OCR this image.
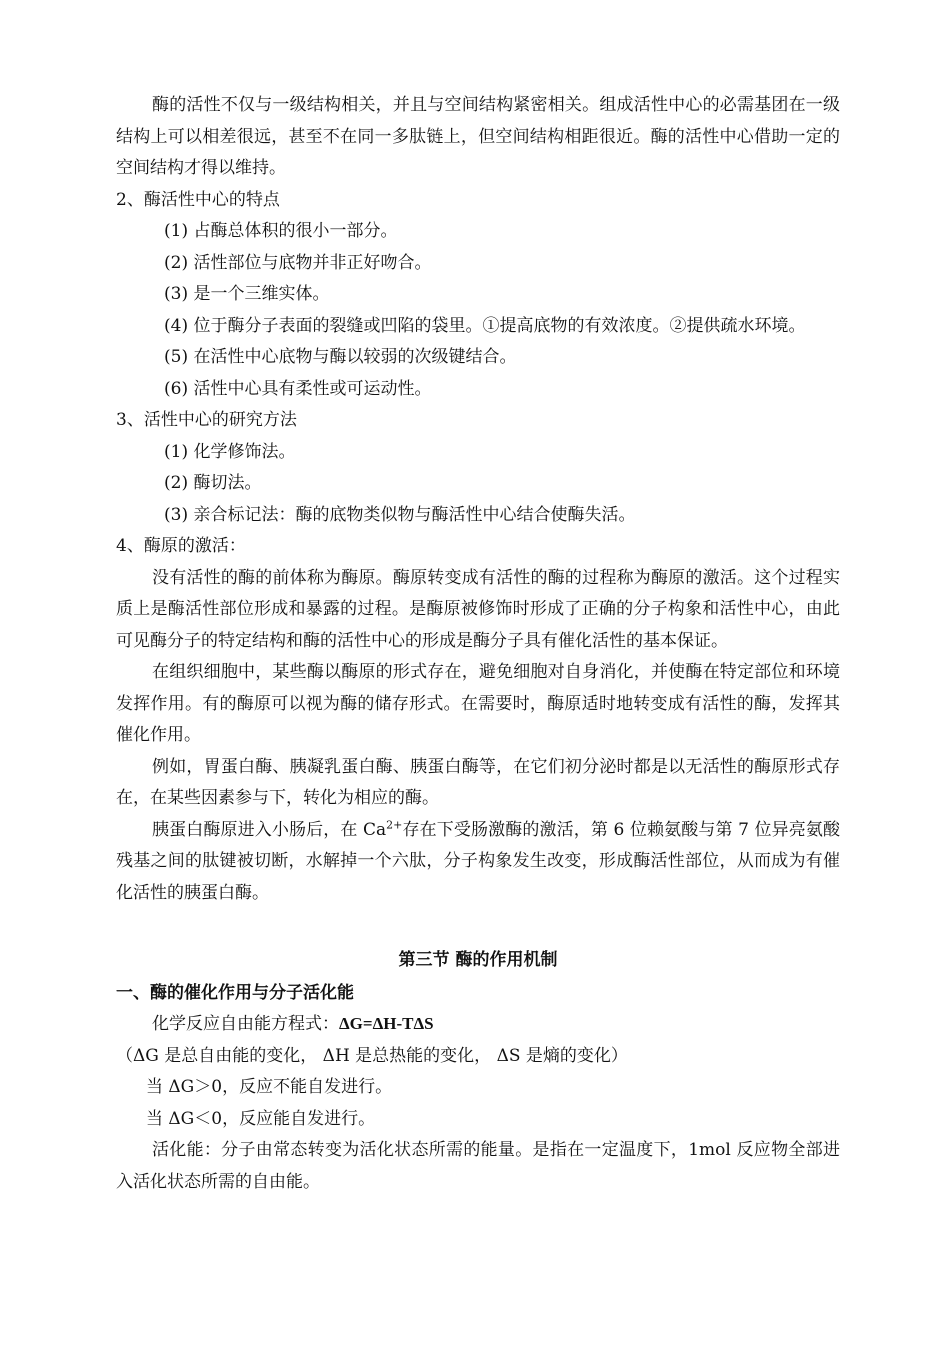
酶的活性不仅与一级结构相关，并且与空间结构紧密相关。组成活性中心的必需基团在一级结构上可以相差很远，甚至不在同一多肽链上，但空间结构相距很近。酶的活性中心借助一定的空间结构才得以维持。

2、酶活性中心的特点

(1) 占酶总体积的很小一部分。

(2) 活性部位与底物并非正好吻合。

(3) 是一个三维实体。

(4) 位于酶分子表面的裂缝或凹陷的袋里。①提高底物的有效浓度。②提供疏水环境。

(5) 在活性中心底物与酶以较弱的次级键结合。

(6) 活性中心具有柔性或可运动性。

3、活性中心的研究方法

(1) 化学修饰法。

(2) 酶切法。

(3) 亲合标记法：酶的底物类似物与酶活性中心结合使酶失活。

4、酶原的激活：

没有活性的酶的前体称为酶原。酶原转变成有活性的酶的过程称为酶原的激活。这个过程实质上是酶活性部位形成和暴露的过程。是酶原被修饰时形成了正确的分子构象和活性中心，由此可见酶分子的特定结构和酶的活性中心的形成是酶分子具有催化活性的基本保证。

在组织细胞中，某些酶以酶原的形式存在，避免细胞对自身消化，并使酶在特定部位和环境发挥作用。有的酶原可以视为酶的储存形式。在需要时，酶原适时地转变成有活性的酶，发挥其催化作用。

例如，胃蛋白酶、胰凝乳蛋白酶、胰蛋白酶等，在它们初分泌时都是以无活性的酶原形式存在，在某些因素参与下，转化为相应的酶。

胰蛋白酶原进入小肠后，在 $Ca^{2+}$存在下受肠激酶的激活，第 6 位赖氨酸与第 7 位异亮氨酸残基之间的肽键被切断，水解掉一个六肽，分子构象发生改变，形成酶活性部位，从而成为有催化活性的胰蛋白酶。

第三节 酶的作用机制

一、酶的催化作用与分子活化能

化学反应自由能方程式：ΔG=ΔH-TΔS

（ΔG 是总自由能的变化， ΔH 是总热能的变化， ΔS 是熵的变化）

当 ΔG＞0，反应不能自发进行。

当 ΔG＜0，反应能自发进行。

活化能：分子由常态转变为活化状态所需的能量。是指在一定温度下，1mol 反应物全部进入活化状态所需的自由能。
